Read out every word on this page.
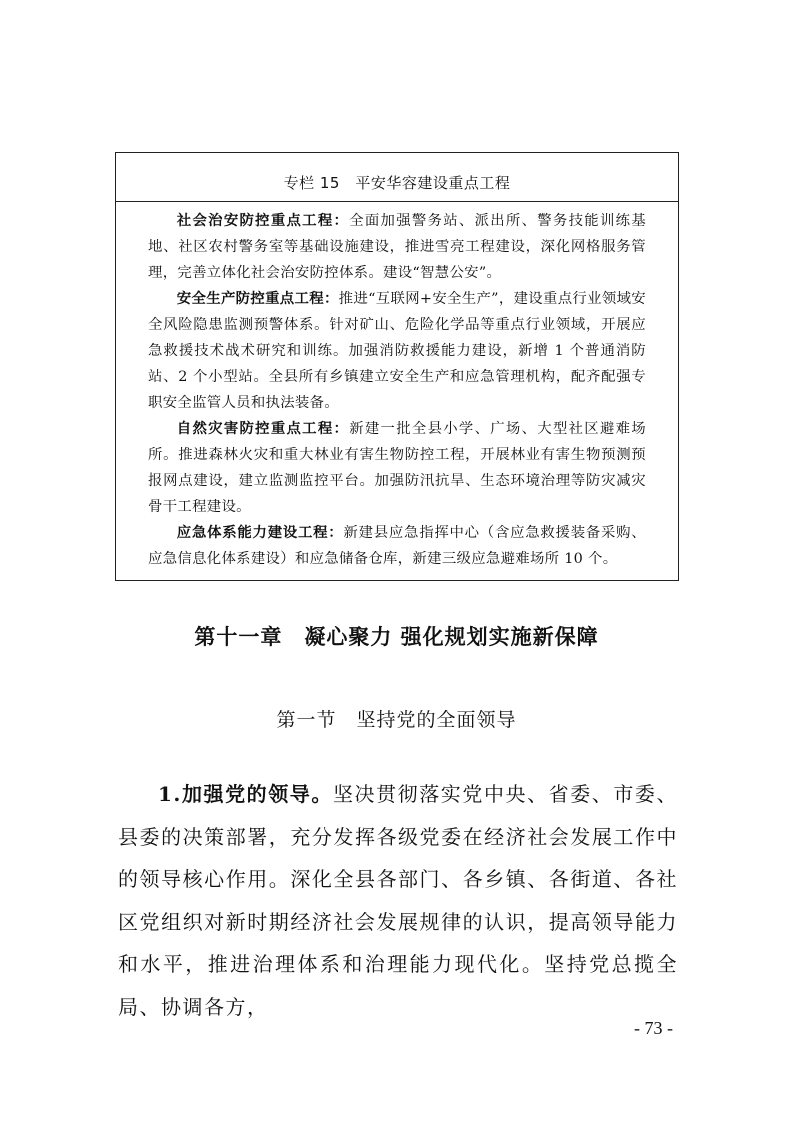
专栏 15　平安华容建设重点工程

社会治安防控重点工程：全面加强警务站、派出所、警务技能训练基地、社区农村警务室等基础设施建设，推进雪亮工程建设，深化网格服务管理，完善立体化社会治安防控体系。建设“智慧公安”。

安全生产防控重点工程：推进“互联网+安全生产”，建设重点行业领域安全风险隐患监测预警体系。针对矿山、危险化学品等重点行业领域，开展应急救援技术战术研究和训练。加强消防救援能力建设，新增 1 个普通消防站、2 个小型站。全县所有乡镇建立安全生产和应急管理机构，配齐配强专职安全监管人员和执法装备。

自然灾害防控重点工程：新建一批全县小学、广场、大型社区避难场所。推进森林火灾和重大林业有害生物防控工程，开展林业有害生物预测预报网点建设，建立监测监控平台。加强防汛抗旱、生态环境治理等防灾减灾骨干工程建设。

应急体系能力建设工程：新建县应急指挥中心（含应急救援装备采购、应急信息化体系建设）和应急储备仓库，新建三级应急避难场所 10 个。

第十一章　凝心聚力 强化规划实施新保障
第一节　坚持党的全面领导

1.加强党的领导。坚决贯彻落实党中央、省委、市委、县委的决策部署，充分发挥各级党委在经济社会发展工作中的领导核心作用。深化全县各部门、各乡镇、各街道、各社区党组织对新时期经济社会发展规律的认识，提高领导能力和水平，推进治理体系和治理能力现代化。坚持党总揽全局、协调各方，

- 73 -
